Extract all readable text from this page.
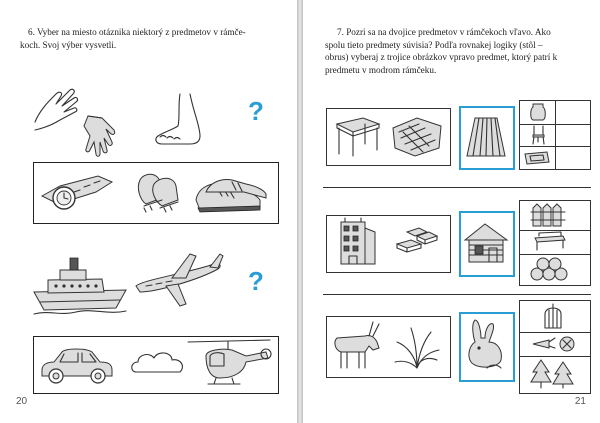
6. Vyber na miesto otáznika niektorý z predmetov v rámče-
koch. Svoj výber vysvetli.
?
?
20
7. Pozri sa na dvojice predmetov v rámčekoch vľavo. Ako
spolu tieto predmety súvisia? Podľa rovnakej logiky (stôl –
obrus) vyberaj z trojice obrázkov vpravo predmet, ktorý patrí k
predmetu v modrom rámčeku.
21
